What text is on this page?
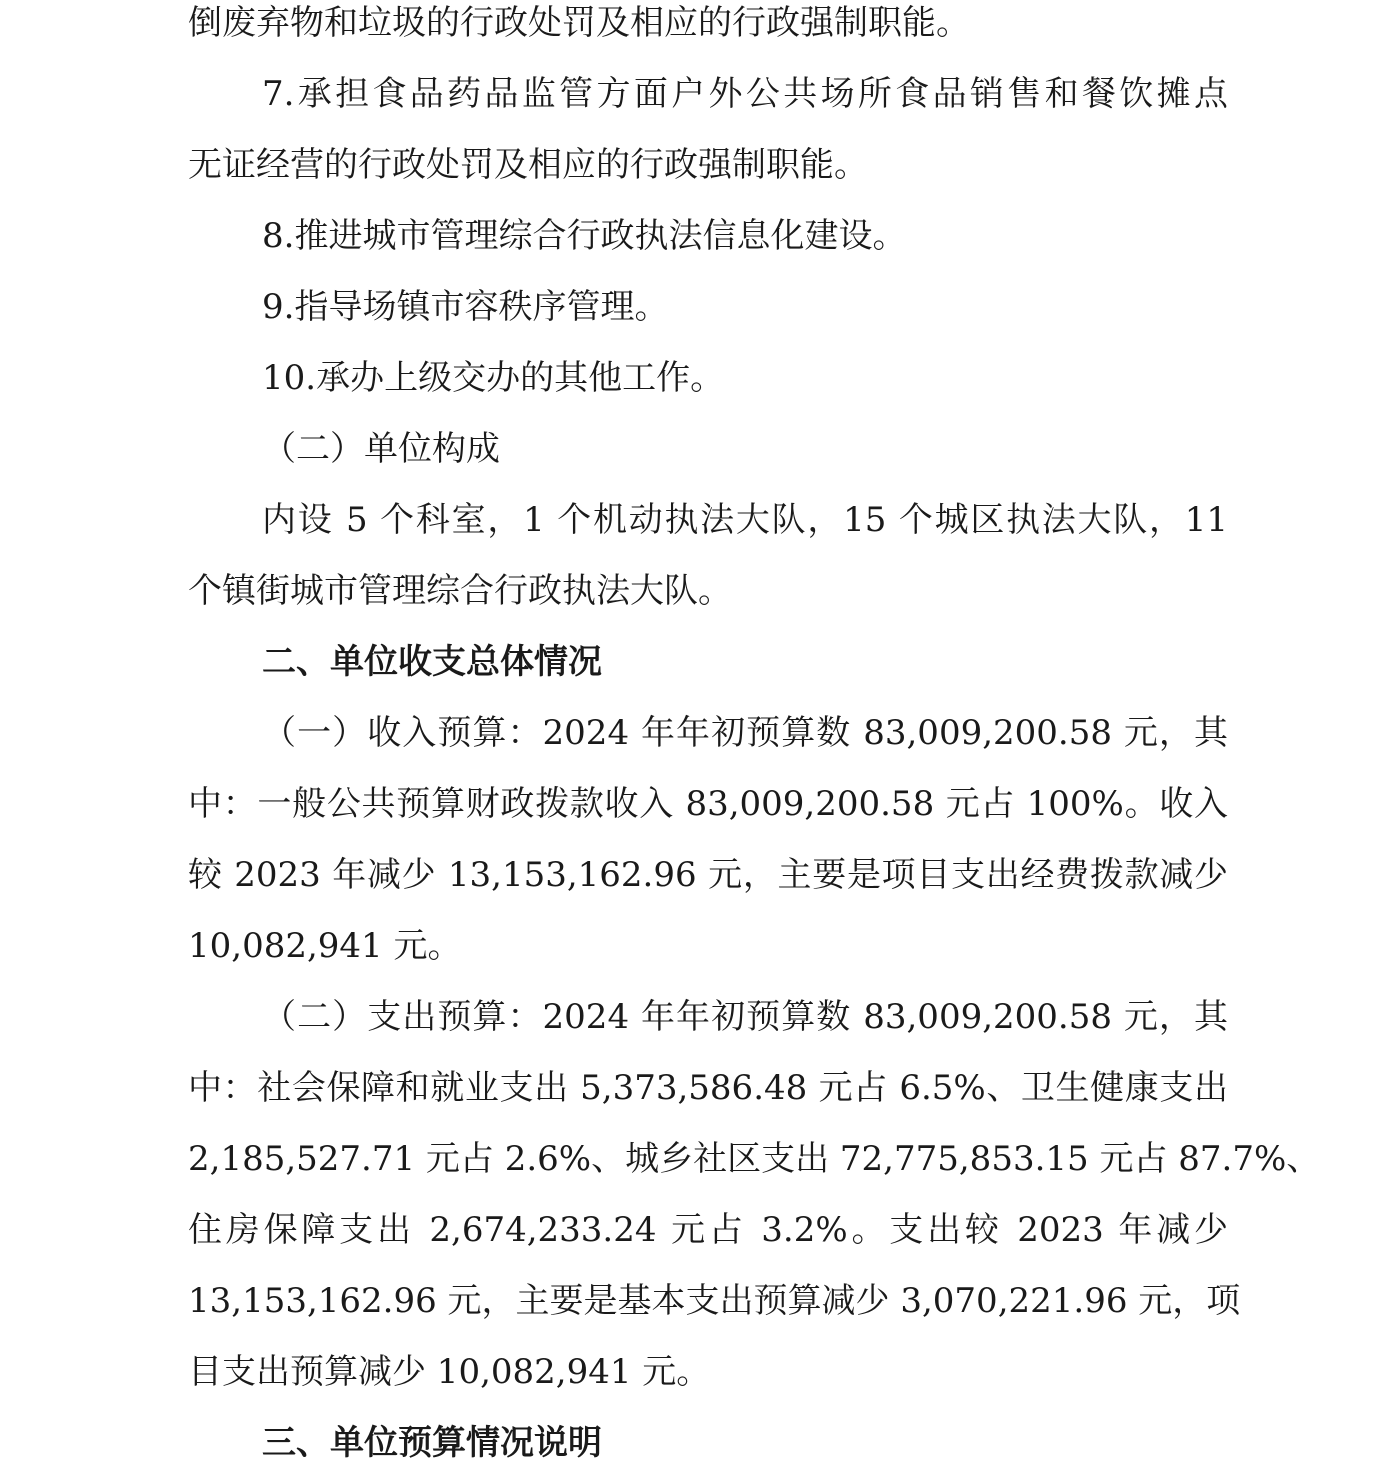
倒废弃物和垃圾的行政处罚及相应的行政强制职能。
7.承担食品药品监管方面户外公共场所食品销售和餐饮摊点
无证经营的行政处罚及相应的行政强制职能。
8.推进城市管理综合行政执法信息化建设。
9.指导场镇市容秩序管理。
10.承办上级交办的其他工作。
（二）单位构成
内设 5 个科室，1 个机动执法大队，15 个城区执法大队，11
个镇街城市管理综合行政执法大队。
二、单位收支总体情况
（一）收入预算：2024 年年初预算数 83,009,200.58 元，其
中：一般公共预算财政拨款收入 83,009,200.58 元占 100%。收入
较 2023 年减少 13,153,162.96 元，主要是项目支出经费拨款减少
10,082,941 元。
（二）支出预算：2024 年年初预算数 83,009,200.58 元，其
中：社会保障和就业支出 5,373,586.48 元占 6.5%、卫生健康支出
2,185,527.71 元占 2.6%、城乡社区支出 72,775,853.15 元占 87.7%、
住房保障支出 2,674,233.24 元占 3.2%。支出较 2023 年减少
13,153,162.96 元，主要是基本支出预算减少 3,070,221.96 元，项
目支出预算减少 10,082,941 元。
三、单位预算情况说明
